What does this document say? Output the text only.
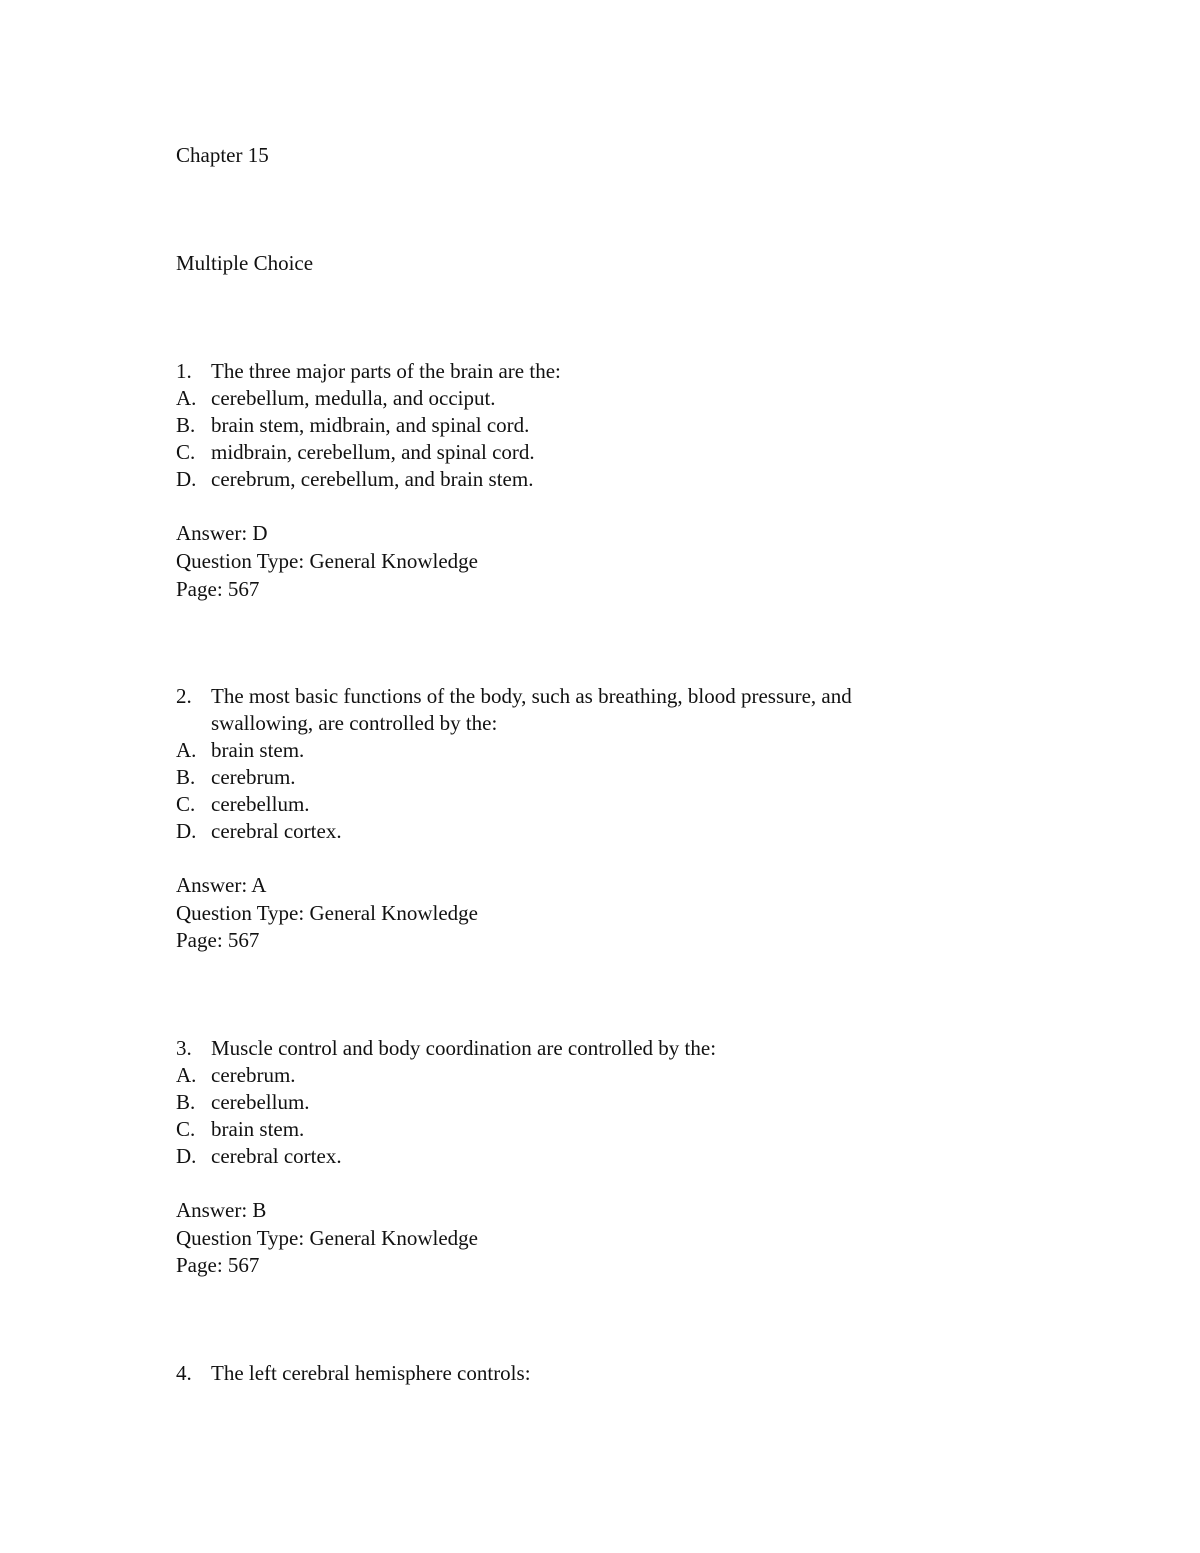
Chapter 15
Multiple Choice
1. The three major parts of the brain are the:
A. cerebellum, medulla, and occiput.
B. brain stem, midbrain, and spinal cord.
C. midbrain, cerebellum, and spinal cord.
D. cerebrum, cerebellum, and brain stem.
Answer: D
Question Type: General Knowledge
Page: 567
2. The most basic functions of the body, such as breathing, blood pressure, and
swallowing, are controlled by the:
A. brain stem.
B. cerebrum.
C. cerebellum.
D. cerebral cortex.
Answer: A
Question Type: General Knowledge
Page: 567
3. Muscle control and body coordination are controlled by the:
A. cerebrum.
B. cerebellum.
C. brain stem.
D. cerebral cortex.
Answer: B
Question Type: General Knowledge
Page: 567
4. The left cerebral hemisphere controls:
